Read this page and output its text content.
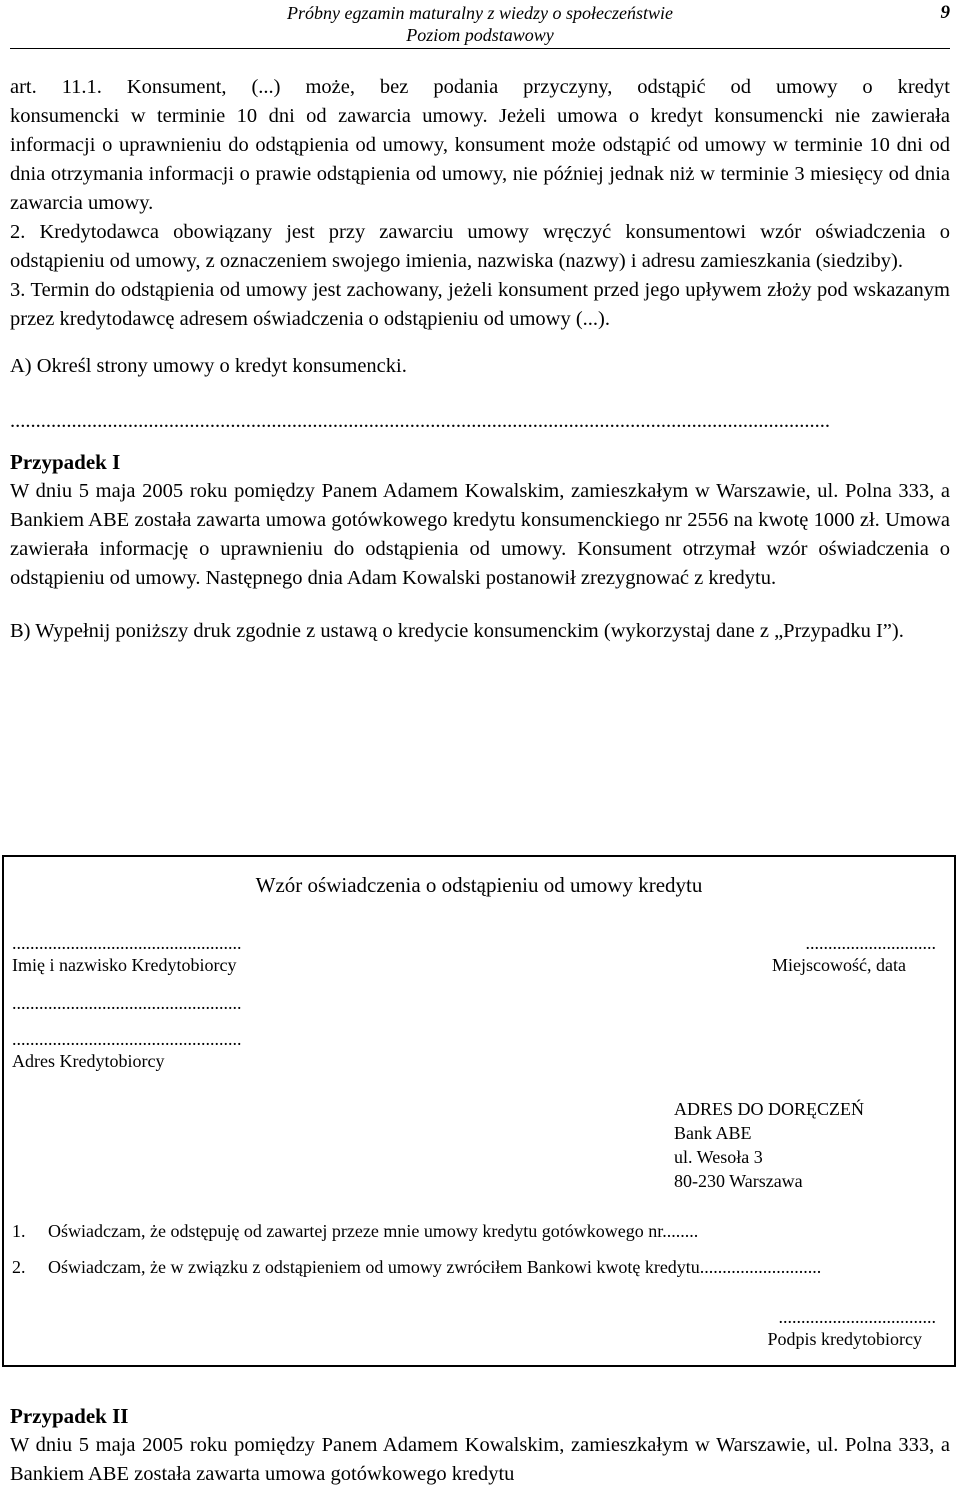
Próbny egzamin maturalny z wiedzy o społeczeństwie
Poziom podstawowy
9

art. 11.1. Konsument, (...) może, bez podania przyczyny, odstąpić od umowy o kredyt

konsumencki w terminie 10 dni od zawarcia umowy. Jeżeli umowa o kredyt konsumencki nie zawierała informacji o uprawnieniu do odstąpienia od umowy, konsument może odstąpić od umowy w terminie 10 dni od dnia otrzymania informacji o prawie odstąpienia od umowy, nie później jednak niż w terminie 3 miesięcy od dnia zawarcia umowy.

2. Kredytodawca obowiązany jest przy zawarciu umowy wręczyć konsumentowi wzór oświadczenia o odstąpieniu od umowy, z oznaczeniem swojego imienia, nazwiska (nazwy) i adresu zamieszkania (siedziby).

3. Termin do odstąpienia od umowy jest zachowany, jeżeli konsument przed jego upływem złoży pod wskazanym przez kredytodawcę adresem oświadczenia o odstąpieniu od umowy (...).

A) Określ strony umowy o kredyt konsumencki.

................................................................................................................................................................

Przypadek I

W dniu 5 maja 2005 roku pomiędzy Panem Adamem Kowalskim, zamieszkałym w Warszawie, ul. Polna 333, a Bankiem ABE została zawarta umowa gotówkowego kredytu konsumenckiego nr 2556 na kwotę 1000 zł. Umowa zawierała informację o uprawnieniu do odstąpienia od umowy. Konsument otrzymał wzór oświadczenia o odstąpieniu od umowy. Następnego dnia Adam Kowalski postanowił zrezygnować z kredytu.

B) Wypełnij poniższy druk zgodnie z ustawą o kredycie konsumenckim (wykorzystaj dane z „Przypadku I”).

Wzór oświadczenia o odstąpieniu od umowy kredytu
...................................................
Imię i nazwisko Kredytobiorcy
.............................
Miejscowość, data
...................................................
...................................................
Adres Kredytobiorcy
ADRES DO DORĘCZEŃ
Bank ABE
ul. Wesoła 3
80-230 Warszawa
1. Oświadczam, że odstępuję od zawartej przeze mnie umowy kredytu gotówkowego nr........
2. Oświadczam, że w związku z odstąpieniem od umowy zwróciłem Bankowi kwotę kredytu...........................
...................................
Podpis kredytobiorcy
Przypadek II

W dniu 5 maja 2005 roku pomiędzy Panem Adamem Kowalskim, zamieszkałym w Warszawie, ul. Polna 333, a Bankiem ABE została zawarta umowa gotówkowego kredytu
